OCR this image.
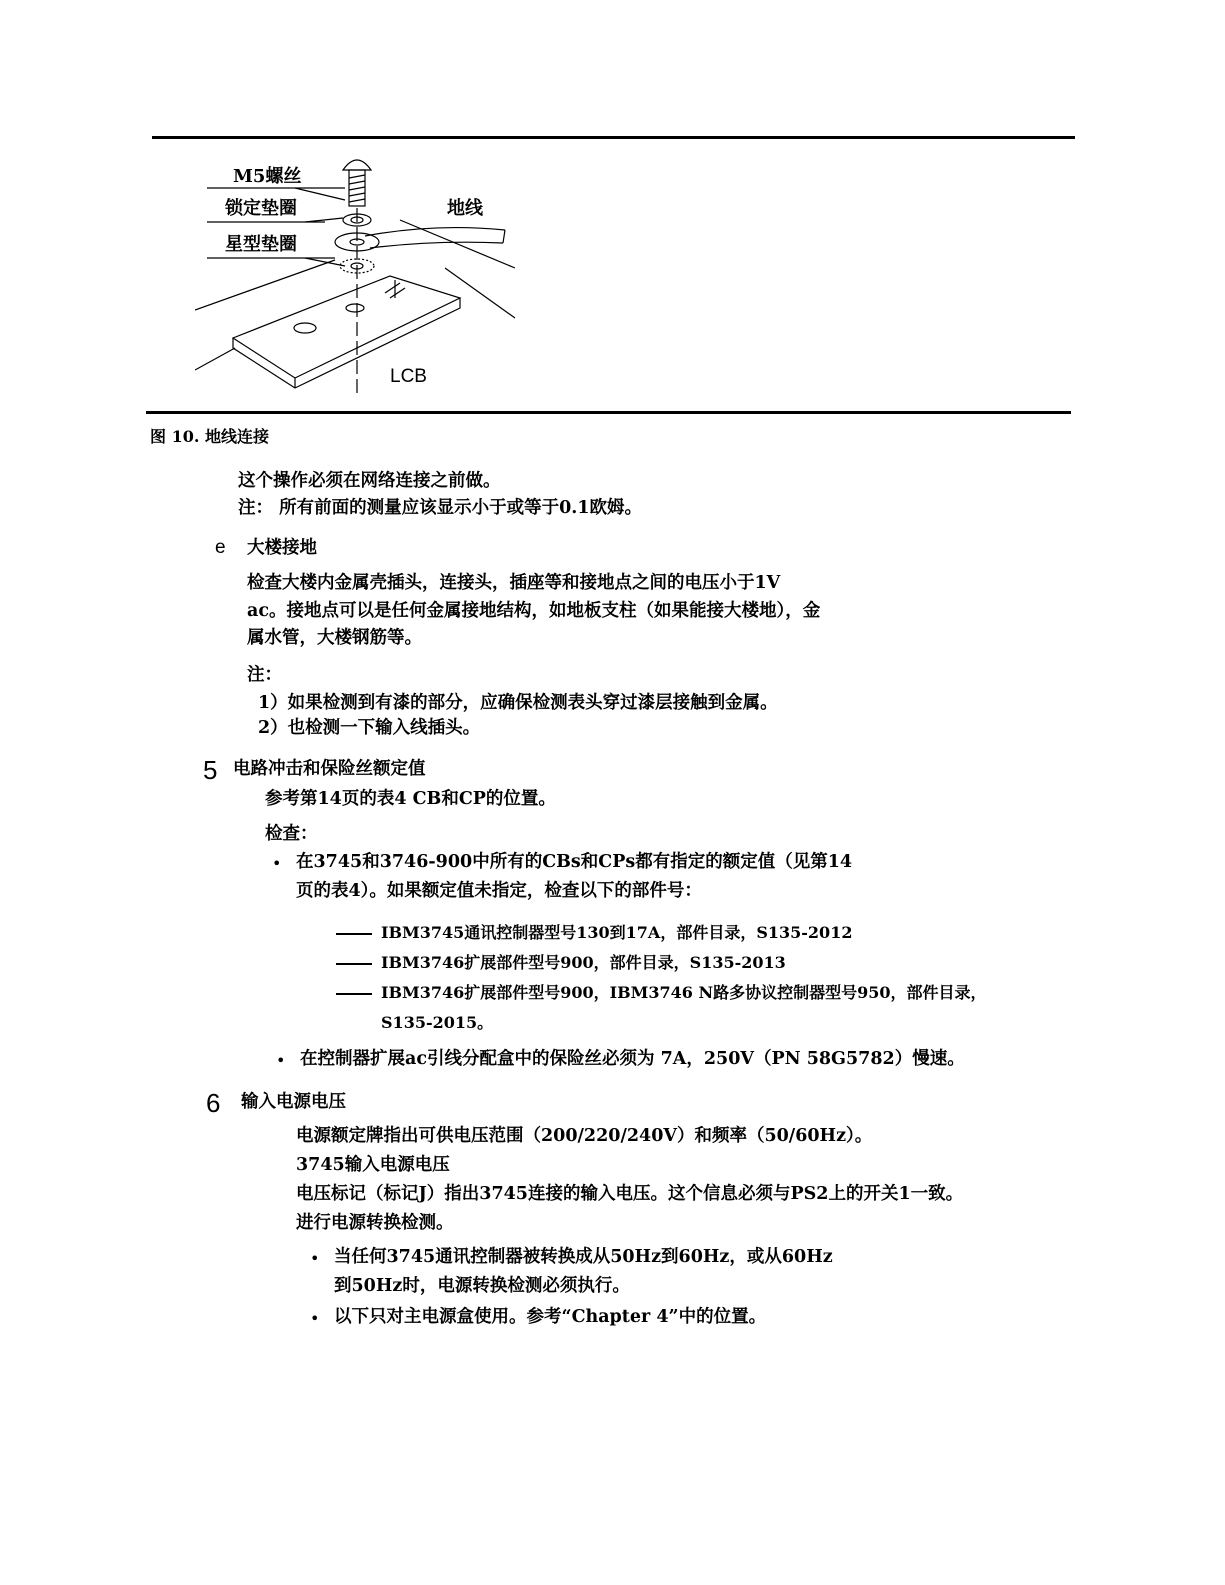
M5螺丝
锁定垫圈
星型垫圈
地线
LCB
图 10. 地线连接
这个操作必须在网络连接之前做。
注： 所有前面的测量应该显示小于或等于0.1欧姆。
e 大楼接地
检查大楼内金属壳插头，连接头，插座等和接地点之间的电压小于1V
ac。接地点可以是任何金属接地结构，如地板支柱（如果能接大楼地），金
属水管，大楼钢筋等。
注：
1）如果检测到有漆的部分，应确保检测表头穿过漆层接触到金属。
2）也检测一下输入线插头。
5 电路冲击和保险丝额定值
参考第14页的表4 CB和CP的位置。
检查：
• 在3745和3746-900中所有的CBs和CPs都有指定的额定值（见第14
页的表4）。如果额定值未指定，检查以下的部件号：
IBM3745通讯控制器型号130到17A，部件目录，S135-2012
IBM3746扩展部件型号900，部件目录，S135-2013
IBM3746扩展部件型号900，IBM3746 N路多协议控制器型号950，部件目录，
S135-2015。
• 在控制器扩展ac引线分配盒中的保险丝必须为 7A，250V（PN 58G5782）慢速。
6 输入电源电压
电源额定牌指出可供电压范围（200/220/240V）和频率（50/60Hz）。
3745输入电源电压
电压标记（标记J）指出3745连接的输入电压。这个信息必须与PS2上的开关1一致。
进行电源转换检测。
• 当任何3745通讯控制器被转换成从50Hz到60Hz，或从60Hz
到50Hz时，电源转换检测必须执行。
• 以下只对主电源盒使用。参考“Chapter 4”中的位置。
